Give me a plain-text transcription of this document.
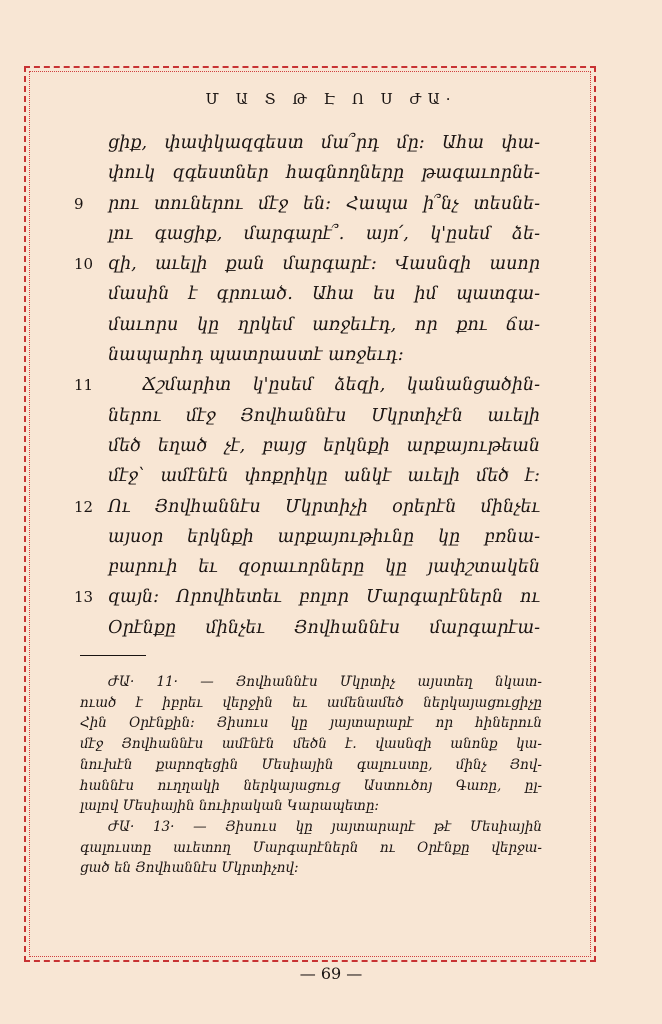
Մ Ա Տ Թ Է Ո Ս ԺԱ·
ցիք, փափկազգեստ մա՞րդ մը։ Ահա փա-
փուկ զգեստներ հագնողները թագաւորնե-
9 րու տուներու մէջ են։ Հապա ի՞նչ տեսնե-
լու գացիք, մարգարէ՞․ այո՛, կ'ըսեմ ձե-
10 զի, աւելի քան մարգարէ։ Վասնզի ասոր
մասին է գրուած․ Ահա ես իմ պատգա-
մաւորս կը ղրկեմ առջեւէդ, որ քու ճա-
նապարհդ պատրաստէ առջեւդ։
11	Ճշմարիտ կ'ըսեմ ձեզի, կանանցածին-
ներու մէջ Յովհաննէս Մկրտիչէն աւելի
մեծ եղած չէ, բայց երկնքի արքայութեան
մէջ՝ ամէնէն փոքրիկը անկէ աւելի մեծ է։
12 Ու Յովհաննէս Մկրտիչի օրերէն մինչեւ
այսօր երկնքի արքայութիւնը կը բռնա-
բարուի եւ զօրաւորները կը յափշտակեն
13 զայն։ Որովհետեւ բոլոր Մարգարէներն ու
Օրէնքը մինչեւ Յովհաննէս մարգարէա-
ԺԱ· 11· — Յովհաննէս Մկրտիչ այստեղ նկատ-
ուած է իբրեւ վերջին եւ ամենամեծ ներկայացուցիչը
Հին Օրէնքին։ Յիսուս կը յայտարարէ որ հիներուն
մէջ Յովհաննէս ամէնէն մեծն է․ վասնզի անոնք կա-
նուխէն քարոզեցին Մեսիային գալուստը, մինչ Յով-
հաննէս ուղղակի ներկայացուց Աստուծոյ Գառը, ըլ-
լալով Մեսիային նուիրական Կարապետը։
ԺԱ· 13· — Յիսուս կը յայտարարէ թէ Մեսիային
գալուստը աւետող Մարգարէներն ու Օրէնքը վերջա-
ցած են Յովհաննէս Մկրտիչով։
— 69 —
